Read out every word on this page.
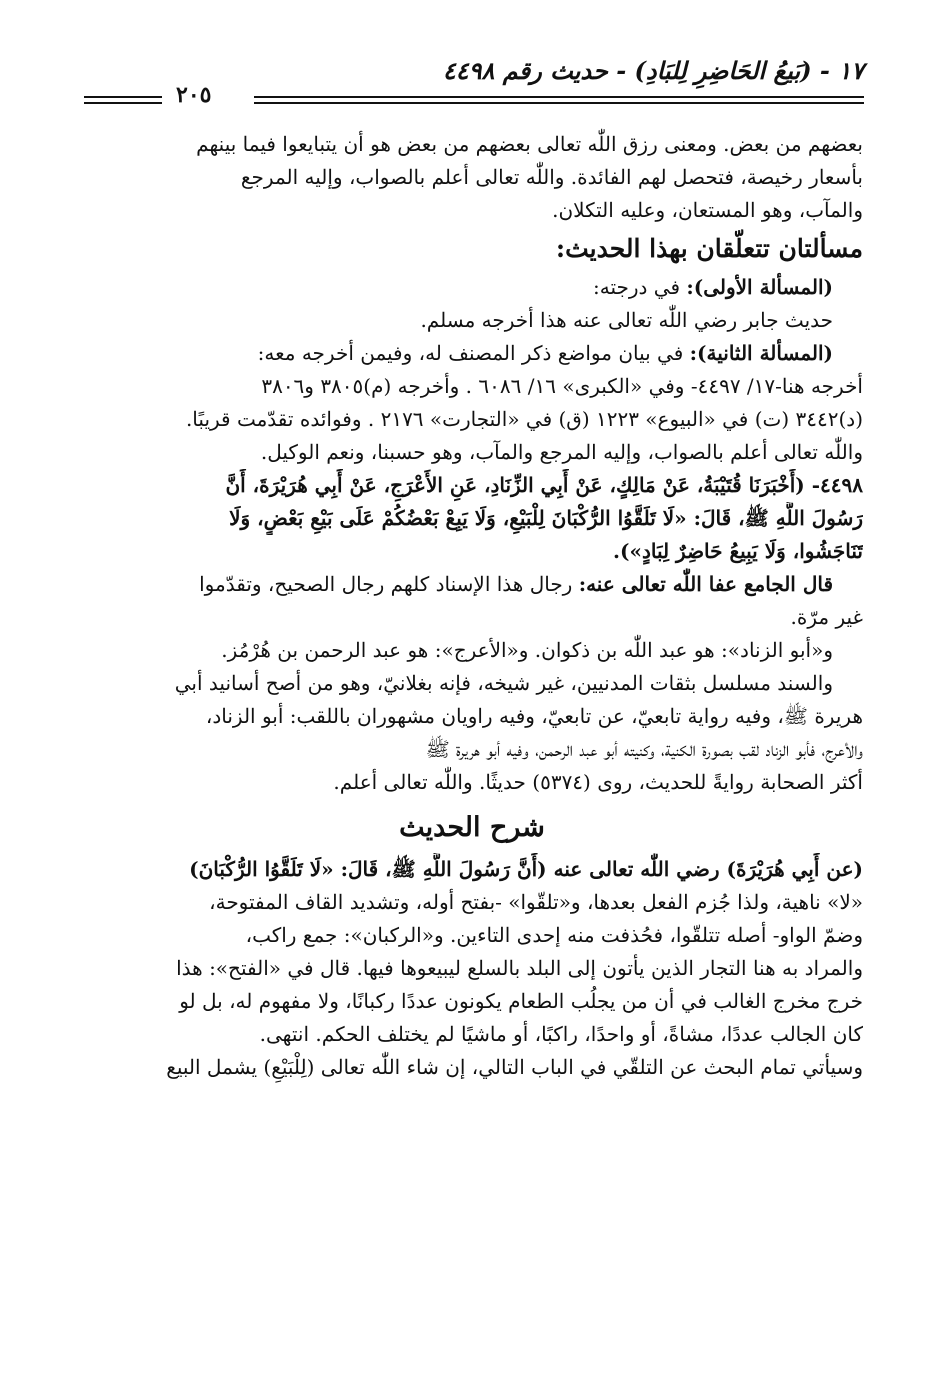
١٧ - (بَيعُ الحَاضِرِ لِلبَادِ) - حديث رقم ٤٤٩٨
٢٠٥
بعضهم من بعض. ومعنى رزق اللّٰه تعالى بعضهم من بعض هو أن يتبايعوا فيما بينهم
بأسعار رخيصة، فتحصل لهم الفائدة. واللّٰه تعالى أعلم بالصواب، وإليه المرجع
والمآب، وهو المستعان، وعليه التكلان.
مسألتان تتعلّقان بهذا الحديث:
(المسألة الأولى): في درجته:
حديث جابر رضي اللّٰه تعالى عنه هذا أخرجه مسلم.
(المسألة الثانية): في بيان مواضع ذكر المصنف له، وفيمن أخرجه معه:
أخرجه هنا-١٧/ ٤٤٩٧- وفي «الكبرى» ١٦/ ٦٠٨٦ . وأخرجه (م)٣٨٠٥ و٣٨٠٦
(د)٣٤٤٢ (ت) في «البيوع» ١٢٢٣ (ق) في «التجارت» ٢١٧٦ . وفوائده تقدّمت قريبًا.
واللّٰه تعالى أعلم بالصواب، وإليه المرجع والمآب، وهو حسبنا، ونعم الوكيل.
٤٤٩٨- (أَخْبَرَنَا قُتَيْبَةُ، عَنْ مَالِكٍ، عَنْ أَبِي الزِّنَادِ، عَنِ الأَعْرَجِ، عَنْ أَبِي هُرَيْرَةَ، أَنَّ
رَسُولَ اللَّهِ ﷺ، قَالَ: «لَا تَلَقَّوُا الرُّكْبَانَ لِلْبَيْعِ، وَلَا يَبِعْ بَعْضُكُمْ عَلَى بَيْعِ بَعْضٍ، وَلَا
تَنَاجَشُوا، وَلَا يَبِيعُ حَاضِرٌ لِبَادٍ»).
قال الجامع عفا اللّٰه تعالى عنه: رجال هذا الإسناد كلهم رجال الصحيح، وتقدّموا
غير مرّة.
و«أبو الزناد»: هو عبد اللّٰه بن ذكوان. و«الأعرج»: هو عبد الرحمن بن هُرْمُز.
والسند مسلسل بثقات المدنيين، غير شيخه، فإنه بغلانيّ، وهو من أصح أسانيد أبي
هريرة ﷺ، وفيه رواية تابعيّ، عن تابعيّ، وفيه راويان مشهوران باللقب: أبو الزناد،
والأعرج، فأبو الزناد لقب بصورة الكنية، وكنيته أبو عبد الرحمن، وفيه أبو هريرة ﷺ
أكثر الصحابة روايةً للحديث، روى (٥٣٧٤) حديثًا. واللّٰه تعالى أعلم.
شرح الحديث
(عن أَبِي هُرَيْرَةَ) رضي اللّٰه تعالى عنه (أَنَّ رَسُولَ اللَّهِ ﷺ، قَالَ: «لَا تَلَقَّوُا الرُّكْبَانَ)
«لا» ناهية، ولذا جُزم الفعل بعدها، و«تلقّوا» -بفتح أوله، وتشديد القاف المفتوحة،
وضمّ الواو- أصله تتلقّوا، فحُذفت منه إحدى التاءين. و«الركبان»: جمع راكب،
والمراد به هنا التجار الذين يأتون إلى البلد بالسلع ليبيعوها فيها. قال في «الفتح»: هذا
خرج مخرج الغالب في أن من يجلُب الطعام يكونون عددًا ركبانًا، ولا مفهوم له، بل لو
كان الجالب عددًا، مشاةً، أو واحدًا، راكبًا، أو ماشيًا لم يختلف الحكم. انتهى.
وسيأتي تمام البحث عن التلقّي في الباب التالي، إن شاء اللّٰه تعالى (لِلْبَيْعِ) يشمل البيع
